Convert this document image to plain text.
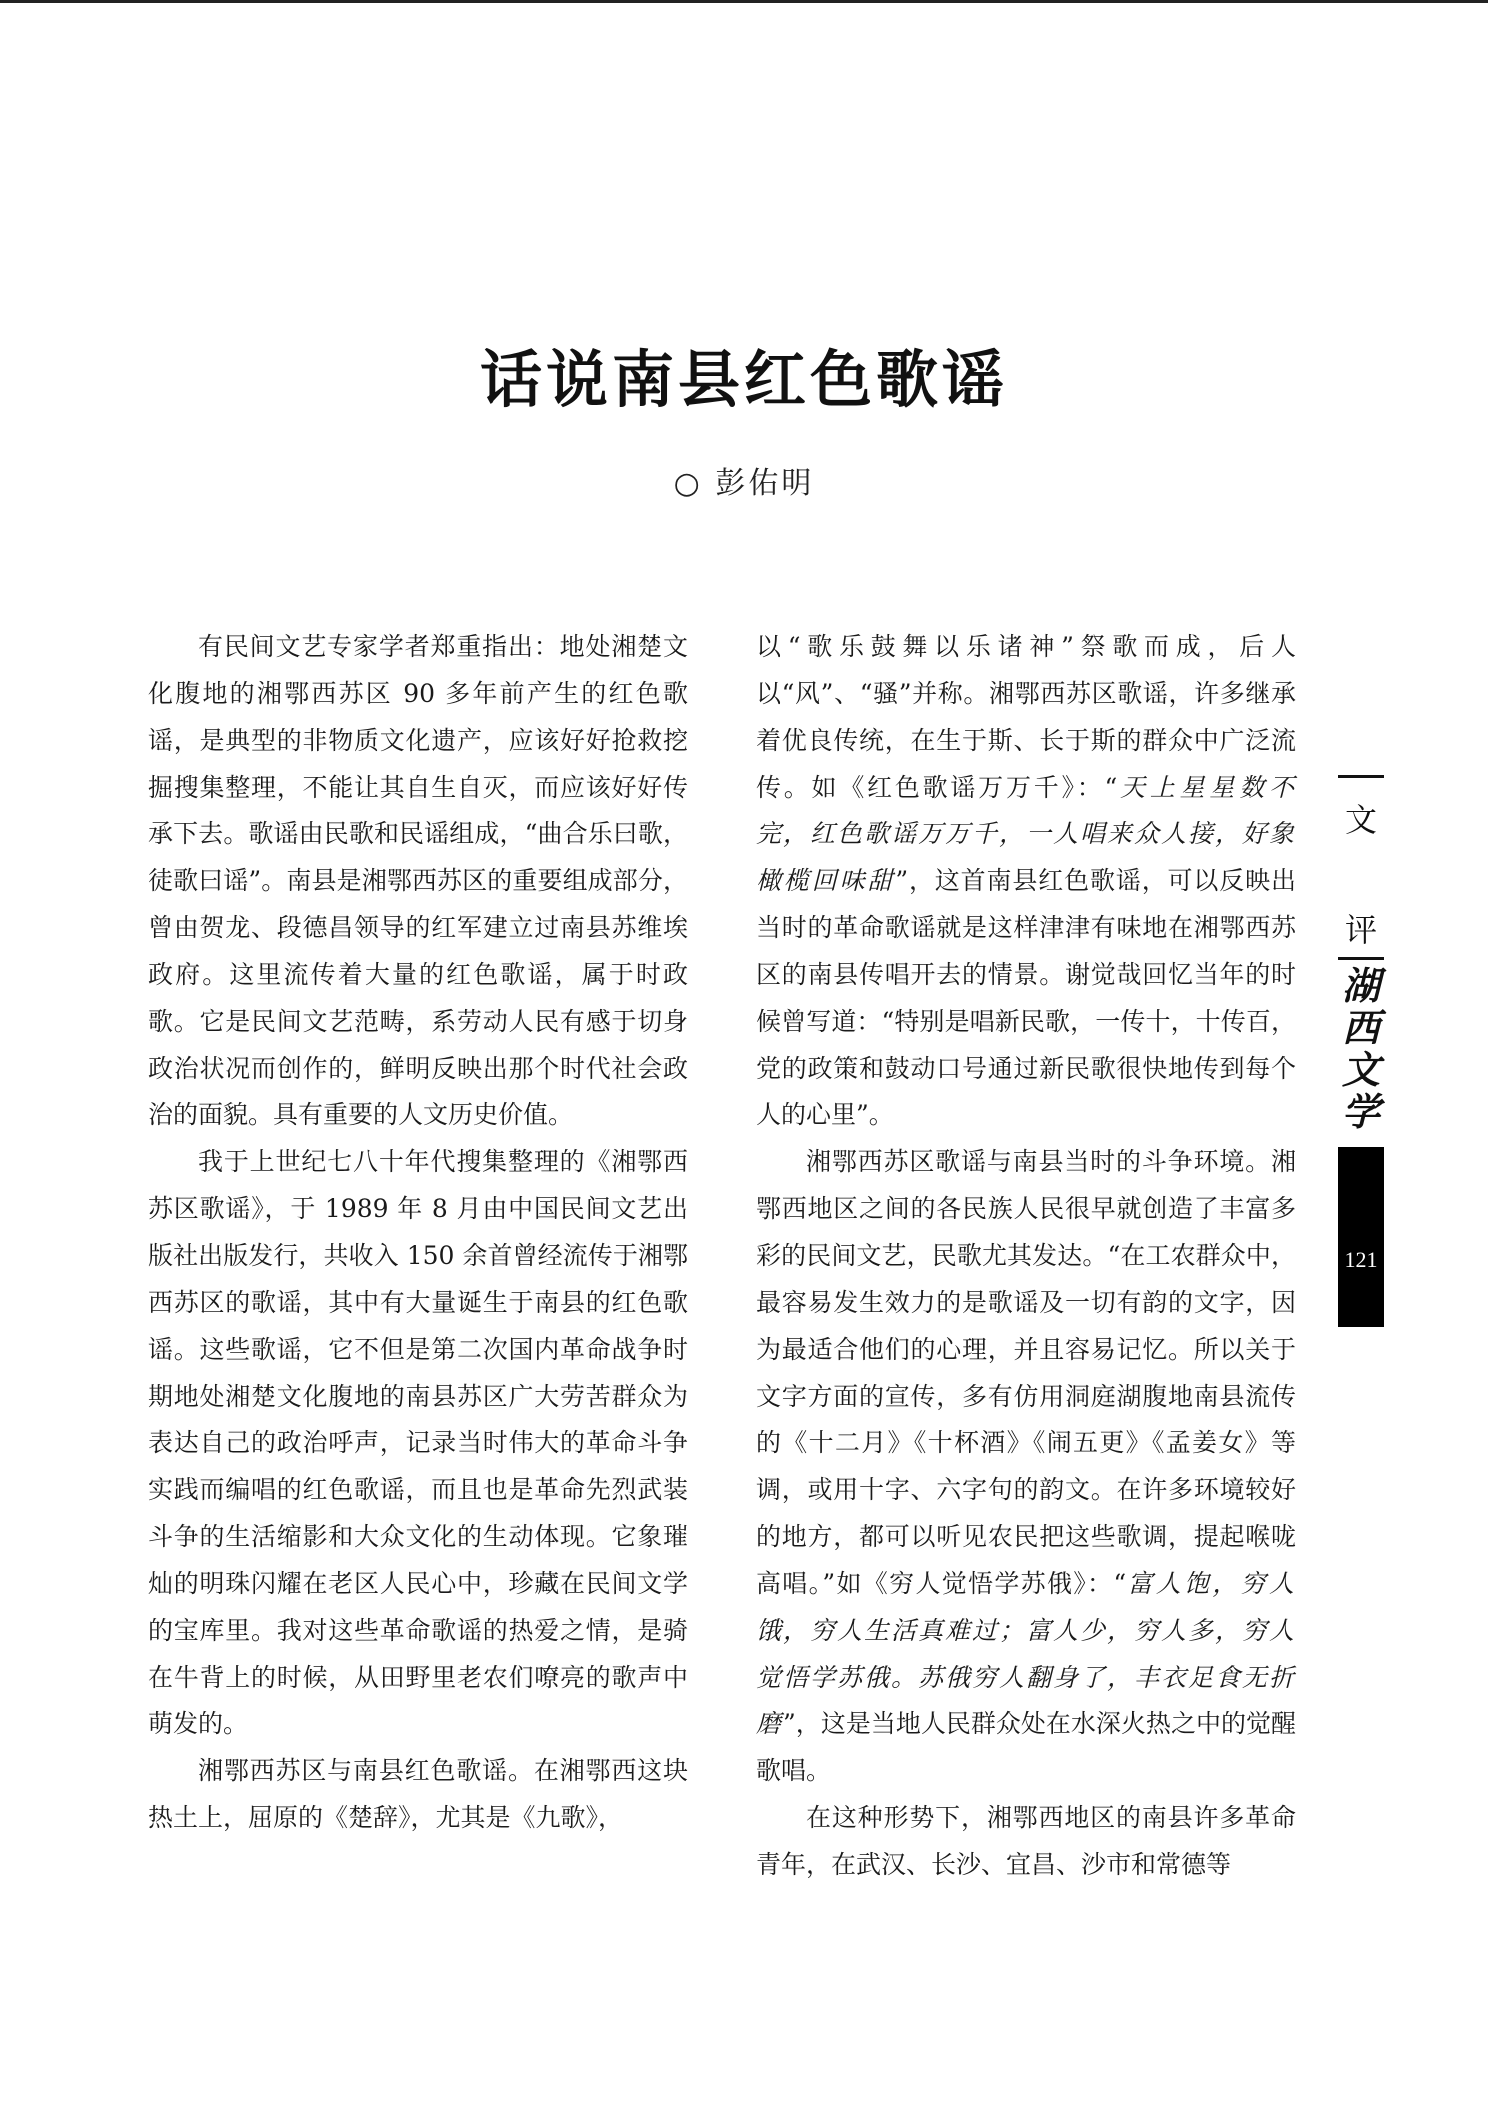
话说南县红色歌谣
○ 彭佑明

有民间文艺专家学者郑重指出：地处湘楚文化腹地的湘鄂西苏区 90 多年前产生的红色歌谣，是典型的非物质文化遗产，应该好好抢救挖掘搜集整理，不能让其自生自灭，而应该好好传承下去。歌谣由民歌和民谣组成，“曲合乐曰歌，徒歌曰谣”。南县是湘鄂西苏区的重要组成部分，曾由贺龙、段德昌领导的红军建立过南县苏维埃政府。这里流传着大量的红色歌谣，属于时政歌。它是民间文艺范畴，系劳动人民有感于切身政治状况而创作的，鲜明反映出那个时代社会政治的面貌。具有重要的人文历史价值。

我于上世纪七八十年代搜集整理的《湘鄂西苏区歌谣》，于 1989 年 8 月由中国民间文艺出版社出版发行，共收入 150 余首曾经流传于湘鄂西苏区的歌谣，其中有大量诞生于南县的红色歌谣。这些歌谣，它不但是第二次国内革命战争时期地处湘楚文化腹地的南县苏区广大劳苦群众为表达自己的政治呼声，记录当时伟大的革命斗争实践而编唱的红色歌谣，而且也是革命先烈武装斗争的生活缩影和大众文化的生动体现。它象璀灿的明珠闪耀在老区人民心中，珍藏在民间文学的宝库里。我对这些革命歌谣的热爱之情，是骑在牛背上的时候，从田野里老农们嘹亮的歌声中萌发的。

湘鄂西苏区与南县红色歌谣。在湘鄂西这块热土上，屈原的《楚辞》，尤其是《九歌》，

以“歌乐鼓舞以乐诸神”祭歌而成，后人以“风”、“骚”并称。湘鄂西苏区歌谣，许多继承着优良传统，在生于斯、长于斯的群众中广泛流传。如《红色歌谣万万千》：“天上星星数不完，红色歌谣万万千，一人唱来众人接，好象橄榄回味甜”，这首南县红色歌谣，可以反映出当时的革命歌谣就是这样津津有味地在湘鄂西苏区的南县传唱开去的情景。谢觉哉回忆当年的时候曾写道：“特别是唱新民歌，一传十，十传百，党的政策和鼓动口号通过新民歌很快地传到每个人的心里”。

湘鄂西苏区歌谣与南县当时的斗争环境。湘鄂西地区之间的各民族人民很早就创造了丰富多彩的民间文艺，民歌尤其发达。“在工农群众中，最容易发生效力的是歌谣及一切有韵的文字，因为最适合他们的心理，并且容易记忆。所以关于文字方面的宣传，多有仿用洞庭湖腹地南县流传的《十二月》《十杯酒》《闹五更》《孟姜女》等调，或用十字、六字句的韵文。在许多环境较好的地方，都可以听见农民把这些歌调，提起喉咙高唱。”如《穷人觉悟学苏俄》：“富人饱，穷人饿，穷人生活真难过；富人少，穷人多，穷人觉悟学苏俄。苏俄穷人翻身了，丰衣足食无折磨”，这是当地人民群众处在水深火热之中的觉醒歌唱。

在这种形势下，湘鄂西地区的南县许多革命青年，在武汉、长沙、宜昌、沙市和常德等

文
评
湖
西
文
学
121
